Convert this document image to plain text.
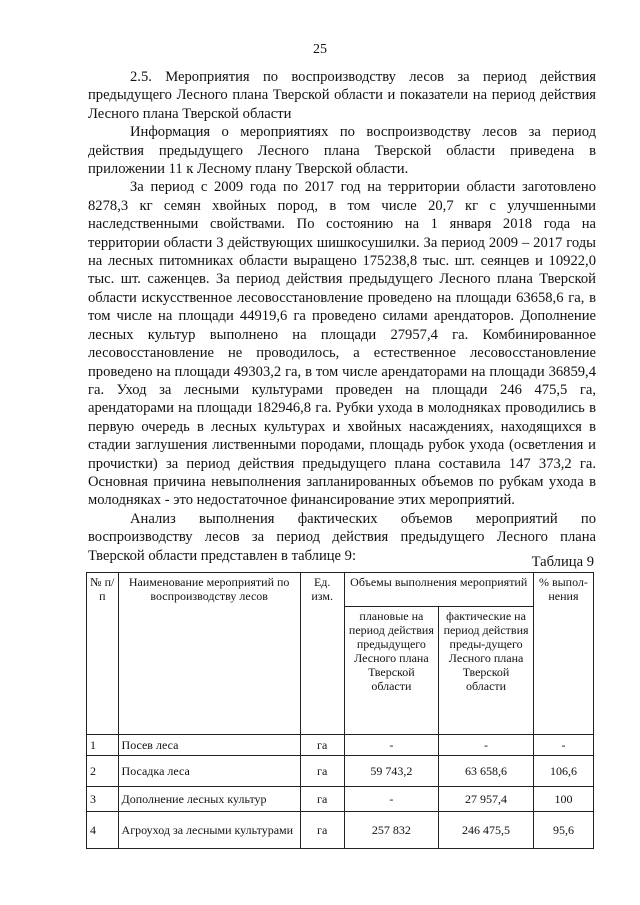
25

2.5. Мероприятия по воспроизводству лесов за период действия предыдущего Лесного плана Тверской области и показатели на период действия Лесного плана Тверской области

Информация о мероприятиях по воспроизводству лесов за период действия предыдущего Лесного плана Тверской области приведена в приложении 11 к Лесному плану Тверской области.

За период с 2009 года по 2017 год на территории области заготовлено 8278,3 кг семян хвойных пород, в том числе 20,7 кг с улучшенными наследственными свойствами. По состоянию на 1 января 2018 года на территории области 3 действующих шишкосушилки. За период 2009 – 2017 годы на лесных питомниках области выращено 175238,8 тыс. шт. сеянцев и 10922,0 тыс. шт. саженцев. За период действия предыдущего Лесного плана Тверской области искусственное лесовосстановление проведено на площади 63658,6 га, в том числе на площади 44919,6 га проведено силами арендаторов. Дополнение лесных культур выполнено на площади 27957,4 га. Комбинированное лесовосстановление не проводилось, а естественное лесовосстановление проведено на площади 49303,2 га, в том числе арендаторами на площади 36859,4 га. Уход за лесными культурами проведен на площади 246 475,5 га, арендаторами на площади 182946,8 га. Рубки ухода в молодняках проводились в первую очередь в лесных культурах и хвойных насаждениях, находящихся в стадии заглушения лиственными породами, площадь рубок ухода (осветления и прочистки) за период действия предыдущего плана составила 147 373,2 га. Основная причина невыполнения запланированных объемов по рубкам ухода в молодняках - это недостаточное финансирование этих мероприятий.

Анализ выполнения фактических объемов мероприятий по воспроизводству лесов за период действия предыдущего Лесного плана Тверской области представлен в таблице 9:	Таблица 9
№ п/п	Наименование мероприятий по воспроизводству лесов	Ед. изм.	Объемы выполнения мероприятий		% выпол-нения
			плановые на период действия предыдущего Лесного плана Тверской области	фактические на период действия преды-дущего Лесного плана Тверской области	
1	Посев леса	га	-	-	-
2	Посадка леса	га	59 743,2	63 658,6	106,6
3	Дополнение лесных культур	га	-	27 957,4	100
4	Агроуход за лесными культурами	га	257 832	246 475,5	95,6
